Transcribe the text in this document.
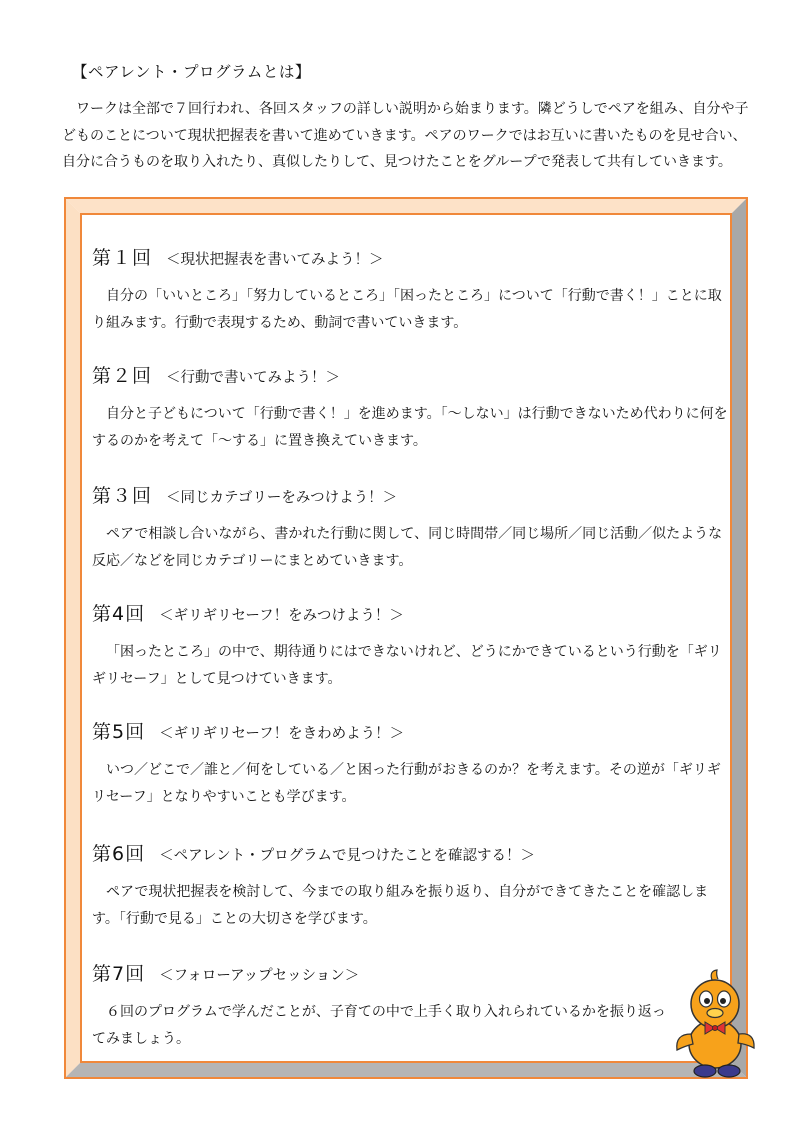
【ペアレント・プログラムとは】
ワークは全部で７回行われ、各回スタッフの詳しい説明から始まります。隣どうしでペアを組み、自分や子どものことについて現状把握表を書いて進めていきます。ペアのワークではお互いに書いたものを見せ合い、自分に合うものを取り入れたり、真似したりして、見つけたことをグループで発表して共有していきます。
第１回 ＜現状把握表を書いてみよう！＞
自分の「いいところ」「努力しているところ」「困ったところ」について「行動で書く！」ことに取り組みます。行動で表現するため、動詞で書いていきます。
第２回 ＜行動で書いてみよう！＞
自分と子どもについて「行動で書く！」を進めます。「～しない」は行動できないため代わりに何をするのかを考えて「～する」に置き換えていきます。
第３回 ＜同じカテゴリーをみつけよう！＞
ペアで相談し合いながら、書かれた行動に関して、同じ時間帯／同じ場所／同じ活動／似たような反応／などを同じカテゴリーにまとめていきます。
第4回 ＜ギリギリセーフ！をみつけよう！＞
「困ったところ」の中で、期待通りにはできないけれど、どうにかできているという行動を「ギリギリセーフ」として見つけていきます。
第5回 ＜ギリギリセーフ！をきわめよう！＞
いつ／どこで／誰と／何をしている／と困った行動がおきるのか？を考えます。その逆が「ギリギリセーフ」となりやすいことも学びます。
第6回 ＜ペアレント・プログラムで見つけたことを確認する！＞
ペアで現状把握表を検討して、今までの取り組みを振り返り、自分ができてきたことを確認します。「行動で見る」ことの大切さを学びます。
第7回 ＜フォローアップセッション＞
６回のプログラムで学んだことが、子育ての中で上手く取り入れられているかを振り返ってみましょう。
